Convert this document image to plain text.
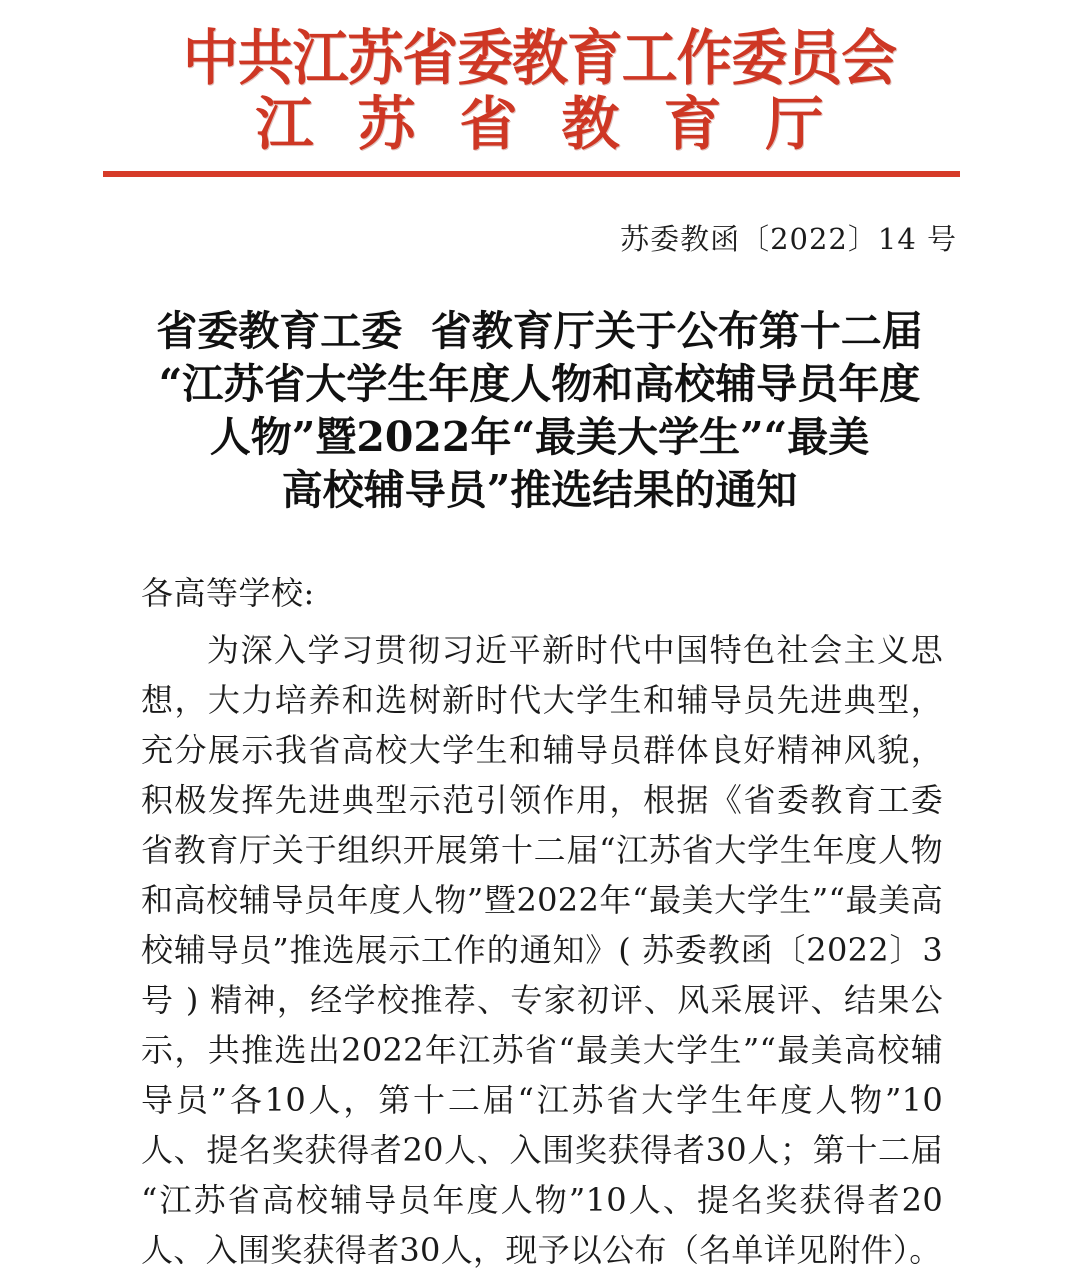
中共江苏省委教育工作委员会
江苏省教育厅
苏委教函〔2022〕14 号
省委教育工委  省教育厅关于公布第十二届
“江苏省大学生年度人物和高校辅导员年度
人物”暨2022年“最美大学生”“最美
高校辅导员”推选结果的通知
各高等学校:
为深入学习贯彻习近平新时代中国特色社会主义思想，大力培养和选树新时代大学生和辅导员先进典型，充分展示我省高校大学生和辅导员群体良好精神风貌，积极发挥先进典型示范引领作用，根据《省委教育工委 省教育厅关于组织开展第十二届“江苏省大学生年度人物和高校辅导员年度人物”暨2022年“最美大学生”“最美高校辅导员”推选展示工作的通知》( 苏委教函〔2022〕3号 ) 精神，经学校推荐、专家初评、风采展评、结果公示，共推选出2022年江苏省“最美大学生”“最美高校辅导员”各10人，第十二届“江苏省大学生年度人物”10 人、提名奖获得者20人、入围奖获得者30人；第十二届“江苏省高校辅导员年度人物”10人、提名奖获得者20人、入围奖获得者30人，现予以公布（名单详见附件）。
